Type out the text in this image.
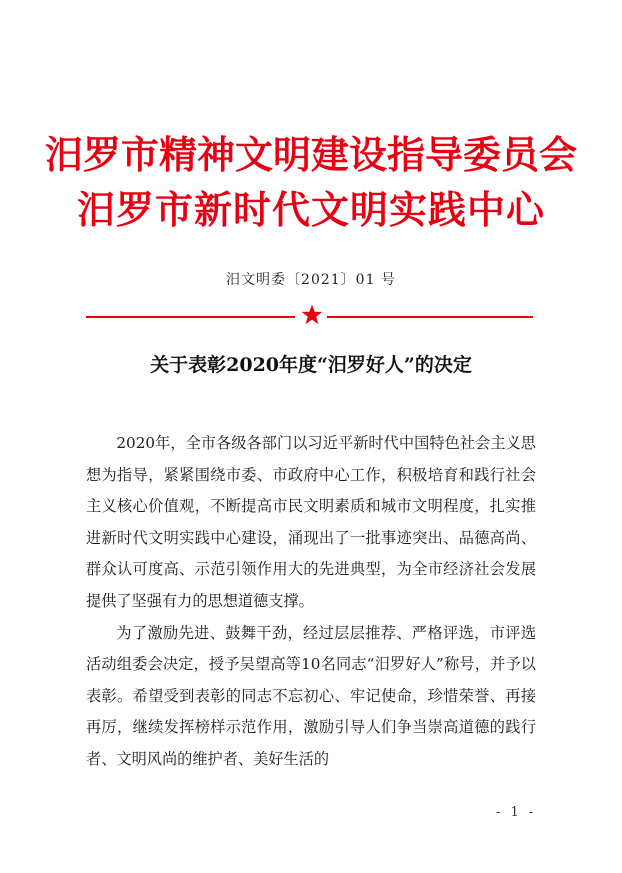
汨罗市精神文明建设指导委员会
汨罗市新时代文明实践中心
汨文明委〔2021〕01 号
关于表彰2020年度“汨罗好人”的决定

2020年，全市各级各部门以习近平新时代中国特色社会主义思想为指导，紧紧围绕市委、市政府中心工作，积极培育和践行社会主义核心价值观，不断提高市民文明素质和城市文明程度，扎实推进新时代文明实践中心建设，涌现出了一批事迹突出、品德高尚、群众认可度高、示范引领作用大的先进典型，为全市经济社会发展提供了坚强有力的思想道德支撑。

为了激励先进、鼓舞干劲，经过层层推荐、严格评选，市评选活动组委会决定，授予吴望高等10名同志“汨罗好人”称号，并予以表彰。希望受到表彰的同志不忘初心、牢记使命，珍惜荣誉、再接再厉，继续发挥榜样示范作用，激励引导人们争当崇高道德的践行者、文明风尚的维护者、美好生活的

- 1 -
